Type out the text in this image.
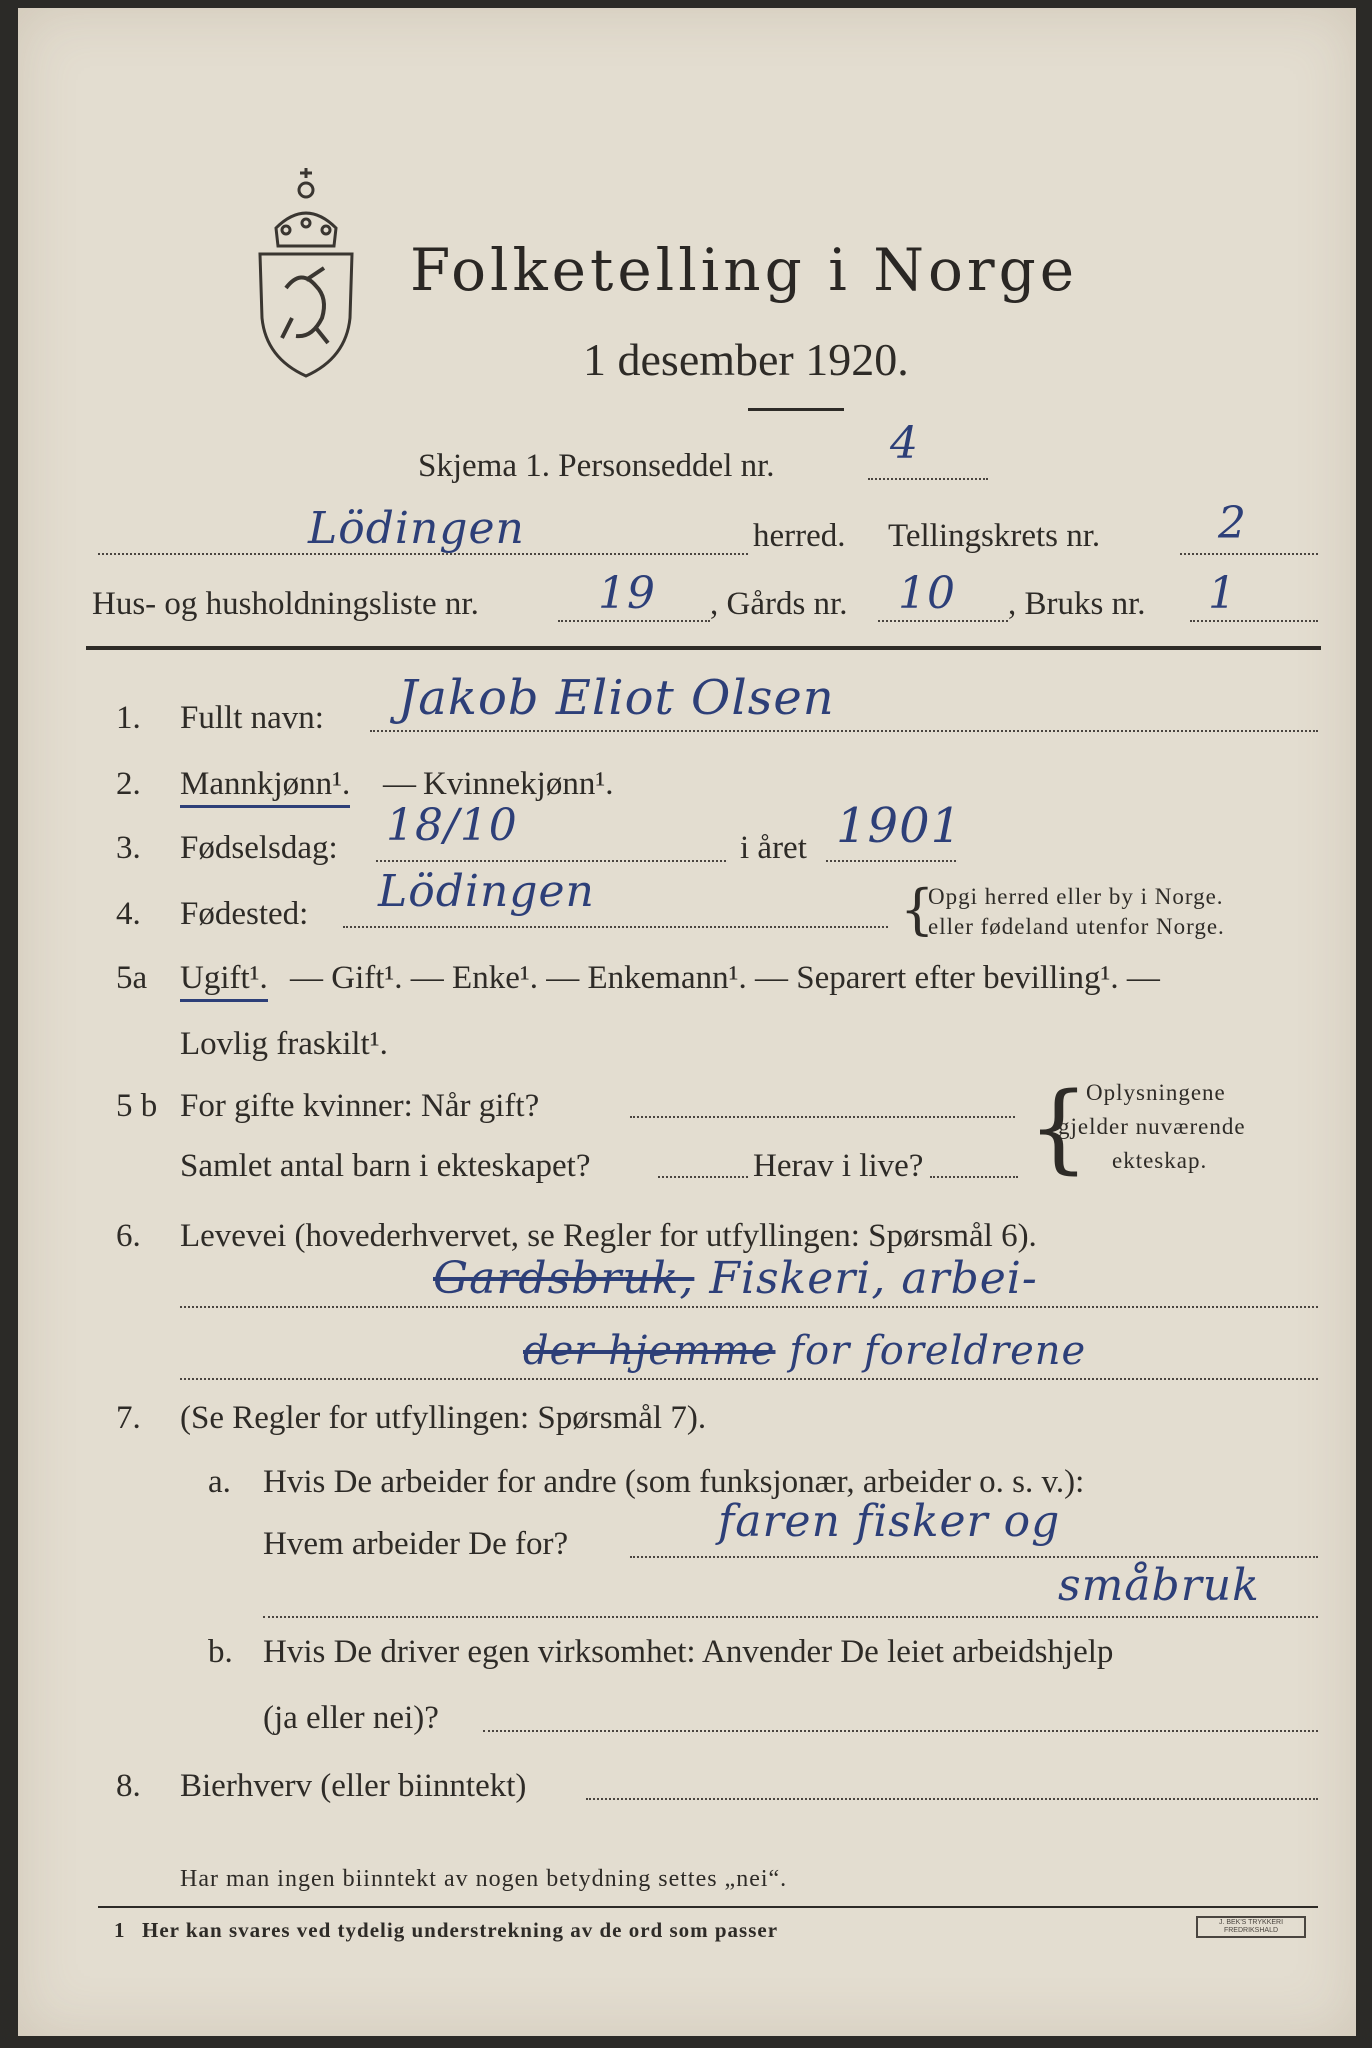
Folketelling i Norge
1 desember 1920.
Skjema 1. Personseddel nr.	4
Lödingen	herred. Tellingskrets nr.	2
Hus- og husholdningsliste nr.	19 , Gårds nr. 10 , Bruks nr. 1
1. Fullt navn: Jakob Eliot Olsen
2. Mannkjønn¹. — Kvinnekjønn¹.
3. Fødselsdag: 18/10	i året 1901
4. Fødested: Lödingen	{
Opgi herred eller by i Norge.
eller fødeland utenfor Norge.
5a Ugift¹. — Gift¹. — Enke¹. — Enkemann¹. — Separert efter bevilling¹. —
Lovlig fraskilt¹.
5 b For gifte kvinner: Når gift?
Samlet antal barn i ekteskapet?	Herav i live? {
Oplysningene
gjelder nuværende
ekteskap.
6. Levevei (hovederhvervet, se Regler for utfyllingen: Spørsmål 6).
Gardsbruk, Fiskeri, arbei-
der hjemme for foreldrene
7. (Se Regler for utfyllingen: Spørsmål 7).
a. Hvis De arbeider for andre (som funksjonær, arbeider o. s. v.):
Hvem arbeider De for?	faren fisker og
småbruk
b. Hvis De driver egen virksomhet: Anvender De leiet arbeidshjelp
(ja eller nei)?
8. Bierhverv (eller biinntekt)
Har man ingen biinntekt av nogen betydning settes „nei“.
1 Her kan svares ved tydelig understrekning av de ord som passer	J. BEK'S TRYKKERI
FREDRIKSHALD
